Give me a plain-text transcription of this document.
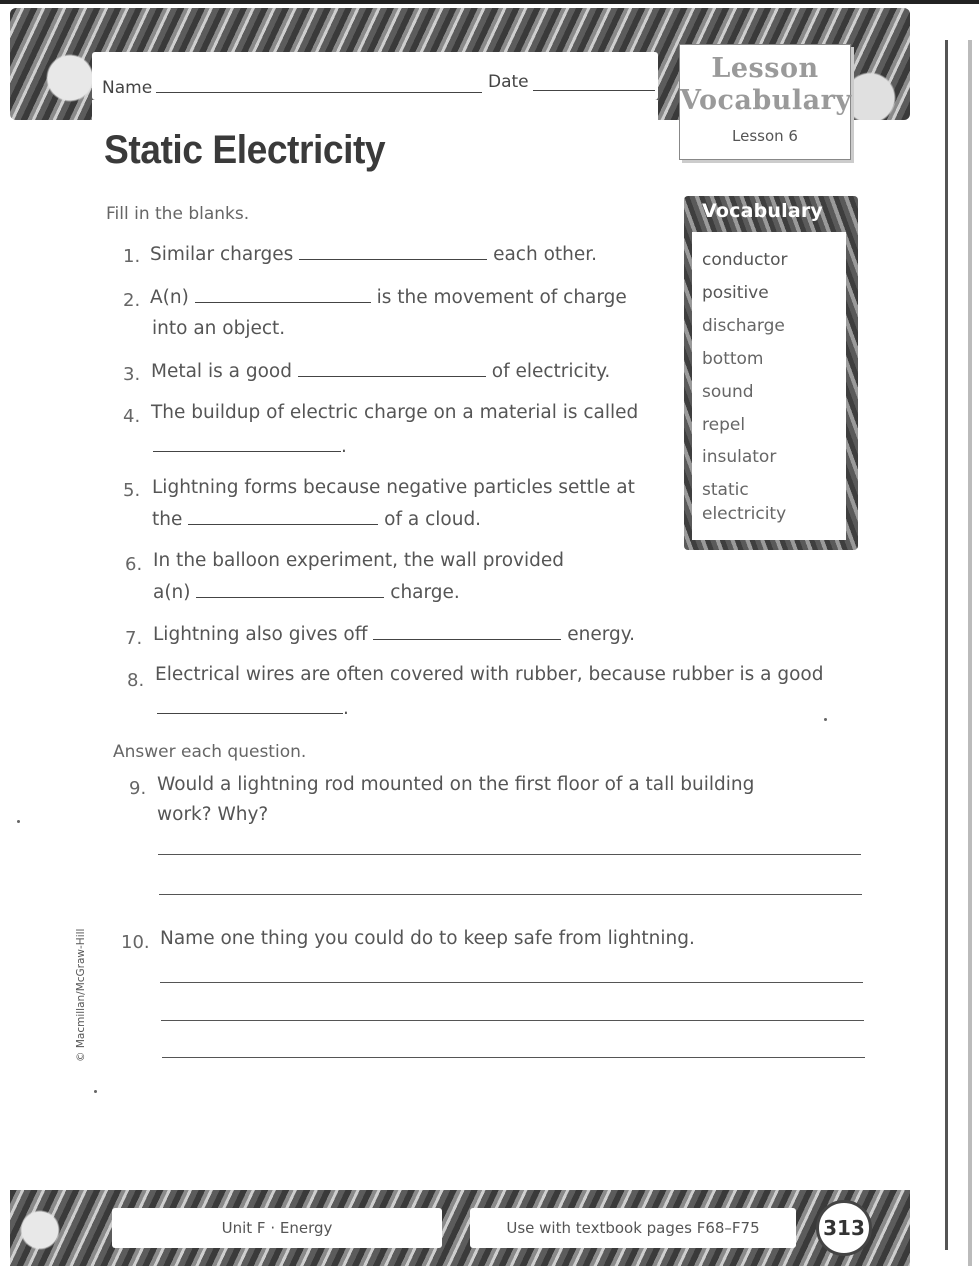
Name	Date	Lesson
Vocabulary
Lesson 6
Static Electricity
Fill in the blanks.
1. Similar charges	each other.
2. A(n)	is the movement of charge
into an object.
3. Metal is a good	of electricity.
4. The buildup of electric charge on a material is called
.
5. Lightning forms because negative particles settle at
the	of a cloud.
6. In the balloon experiment, the wall provided
a(n)	charge.
7. Lightning also gives off	energy.
8. Electrical wires are often covered with rubber, because rubber is a good
.
Answer each question.
9. Would a lightning rod mounted on the first floor of a tall building
work? Why?
10. Name one thing you could do to keep safe from lightning.
Vocabulary
conductor
positive
discharge
bottom
sound
repel
insulator
static
electricity
© Macmillan/McGraw-Hill
Unit F · Energy	Use with textbook pages F68–F75	313
